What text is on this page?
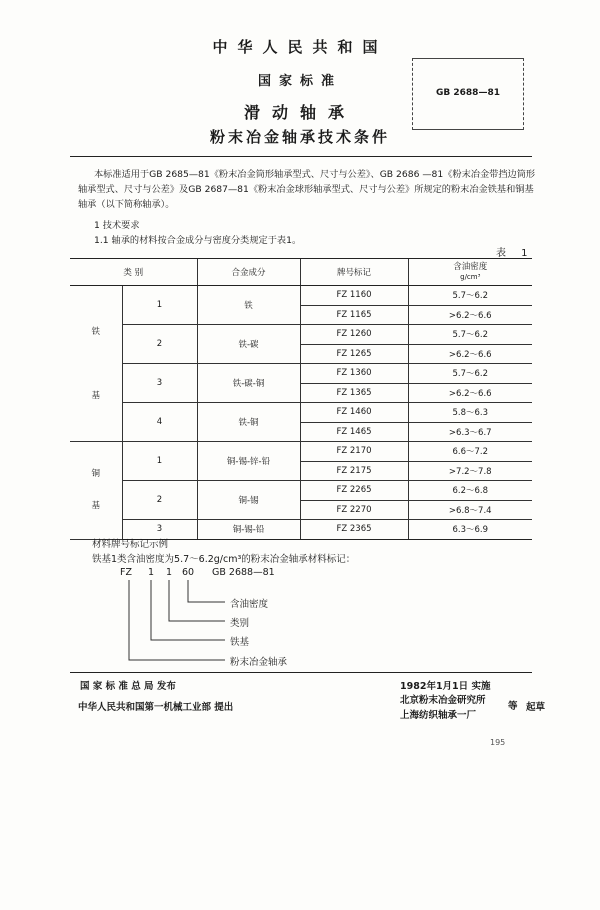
中华人民共和国
国家标准
滑动轴承
粉末冶金轴承技术条件
GB 2688—81

本标准适用于GB 2685—81《粉末冶金筒形轴承型式、尺寸与公差》、GB 2686 —81《粉末冶金带挡边筒形轴承型式、尺寸与公差》及GB 2687—81《粉末冶金球形轴承型式、尺寸与公差》所规定的粉末冶金铁基和铜基轴承（以下简称轴承）。

1 技术要求
1.1 轴承的材料按合金成分与密度分类规定于表1。
表 1
类 别		合金成分	牌号标记	含油密度
g/cm³
铁

基	1	铁	FZ 1160	5.7～6.2
			FZ 1165	>6.2～6.6
	2	铁-碳	FZ 1260	5.7～6.2
			FZ 1265	>6.2～6.6
	3	铁-碳-铜	FZ 1360	5.7～6.2
			FZ 1365	>6.2～6.6
	4	铁-铜	FZ 1460	5.8～6.3
			FZ 1465	>6.3～6.7
铜

基	1	铜-锡-锌-铅	FZ 2170	6.6～7.2
			FZ 2175	>7.2～7.8
	2	铜-锡	FZ 2265	6.2～6.8
			FZ 2270	>6.8～7.4
	3	铜-锡-铅	FZ 2365	6.3～6.9
材料牌号标记示例
铁基1类含油密度为5.7～6.2g/cm³的粉末冶金轴承材料标记：
FZ 1 1 60 GB 2688—81
含油密度
类别
铁基
粉末冶金轴承
国 家 标 准 总 局 发布	1982年1月1日 实施
北京粉末冶金研究所
等 起草
中华人民共和国第一机械工业部 提出
上海纺织轴承一厂
195
